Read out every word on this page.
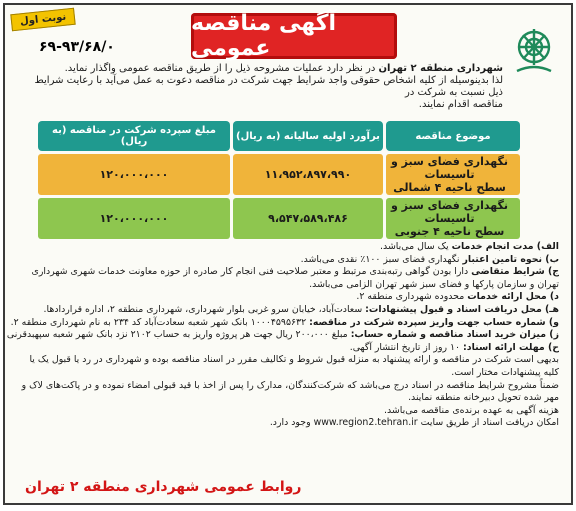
نوبت اول
۶۹-۹۳/۶۸/۰
آگهی مناقصه عمومی
شهرداری منطقه ۲ تهران در نظر دارد عملیات مشروحه ذیل را از طریق مناقصه عمومی واگذار نماید.
لذا بدینوسیله از کلیه اشخاص حقوقی واجد شرایط جهت شرکت در مناقصه دعوت به عمل می‌آید با رعایت شرایط ذیل نسبت به شرکت در
مناقصه اقدام نمایند.
موضوع مناقصه	برآورد اولیه سالیانه (به ریال)	مبلغ سپرده شرکت در مناقصه (به ریال)

نگهداری فضای سبز و تاسیسات
سطح ناحیه ۴ شمالی	۱۱،۹۵۲،۸۹۷،۹۹۰	۱۲۰،۰۰۰،۰۰۰

نگهداری فضای سبز و تاسیسات
سطح ناحیه ۴ جنوبی	۹،۵۴۷،۵۸۹،۴۸۶	۱۲۰،۰۰۰،۰۰۰
الف) مدت انجام خدمات یک سال می‌باشد.
ب) نحوه تامین اعتبار نگهداری فضای سبز ۱۰۰٪ نقدی می‌باشد.
ج) شرایط متقاضی دارا بودن گواهی رتبه‌بندی مرتبط و معتبر صلاحیت فنی انجام کار صادره از حوزه معاونت خدمات شهری شهرداری تهران و سازمان پارکها و فضای سبز شهر تهران الزامی می‌باشد.
د) محل ارائه خدمات محدوده شهرداری منطقه ۲.
هـ) محل دریافت اسناد و قبول پیشنهادات: سعادت‌آباد، خیابان سرو غربی بلوار شهرداری، شهرداری منطقه ۲، اداره قراردادها.
و) شماره حساب جهت واریز سپرده شرکت در مناقصه: ۱۰۰۰۴۵۹۵۶۳۲ بانک شهر شعبه سعادت‌آباد کد ۲۳۴ به نام شهرداری منطقه ۲.
ز) میزان خرید اسناد مناقصه و شماره حساب: مبلغ ۲۰۰،۰۰۰ ریال جهت هر پروژه واریز به حساب ۲۱۰۲ نزد بانک شهر شعبه سپهبدقرنی
ح) مهلت ارائه اسناد: ۱۰ روز از تاریخ انتشار آگهی.
بدیهی است شرکت در مناقصه و ارائه پیشنهاد به منزله قبول شروط و تکالیف مقرر در اسناد مناقصه بوده و شهرداری در رد یا قبول یک یا کلیه پیشنهادات مختار است.
ضمناً مشروح شرایط مناقصه در اسناد درج می‌باشد که شرکت‌کنندگان، مدارک را پس از اخذ با قید قبولی امضاء نموده و در پاکت‌های لاک و مهر شده تحویل دبیرخانه منطقه نمایند.
هزینه آگهی به عهده برنده‌ی مناقصه می‌باشد.
امکان دریافت اسناد از طریق سایت www.region2.tehran.ir وجود دارد.
روابط عمومی شهرداری منطقه ۲ تهران
